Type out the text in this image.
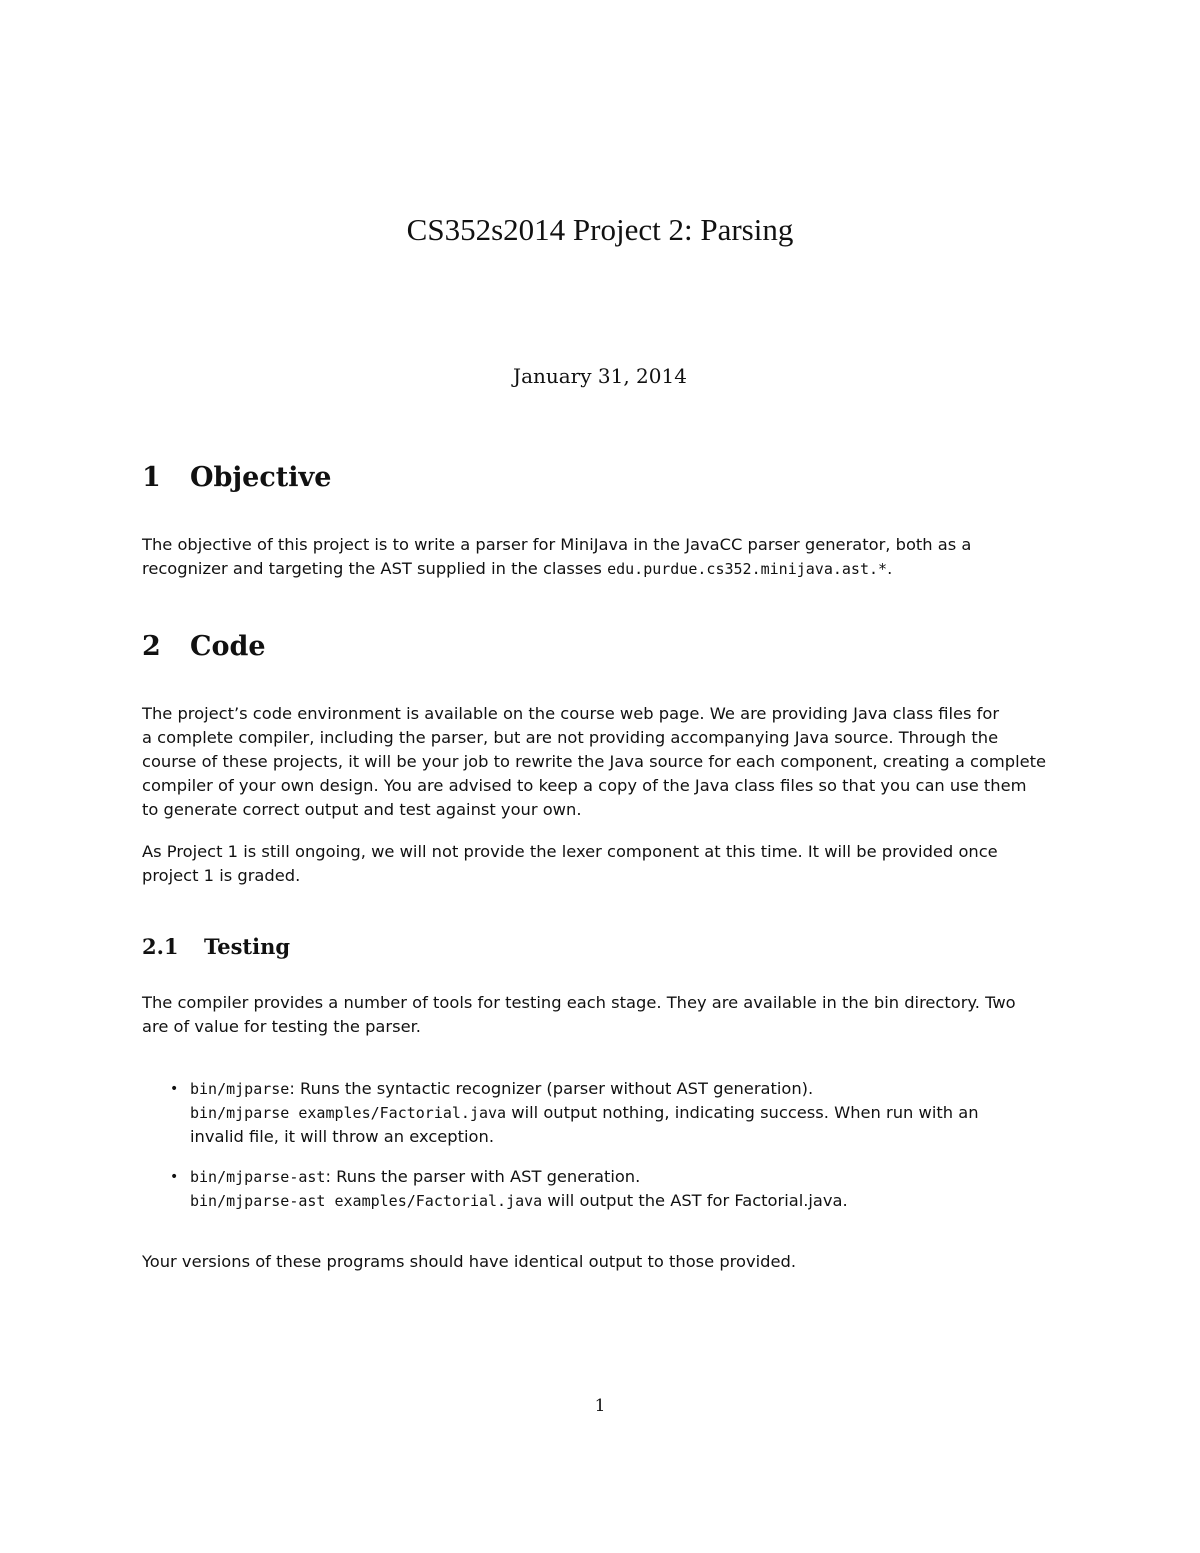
CS352s2014 Project 2: Parsing
January 31, 2014
1 Objective

The objective of this project is to write a parser for MiniJava in the JavaCC parser generator, both as a
recognizer and targeting the AST supplied in the classes edu.purdue.cs352.minijava.ast.*.

2 Code

The project’s code environment is available on the course web page. We are providing Java class files for
a complete compiler, including the parser, but are not providing accompanying Java source. Through the
course of these projects, it will be your job to rewrite the Java source for each component, creating a complete
compiler of your own design. You are advised to keep a copy of the Java class files so that you can use them
to generate correct output and test against your own.

As Project 1 is still ongoing, we will not provide the lexer component at this time. It will be provided once
project 1 is graded.

2.1 Testing

The compiler provides a number of tools for testing each stage. They are available in the bin directory. Two
are of value for testing the parser.

• bin/mjparse: Runs the syntactic recognizer (parser without AST generation).
bin/mjparse examples/Factorial.java will output nothing, indicating success. When run with an
invalid file, it will throw an exception.
• bin/mjparse-ast: Runs the parser with AST generation.
bin/mjparse-ast examples/Factorial.java will output the AST for Factorial.java.

Your versions of these programs should have identical output to those provided.

1
